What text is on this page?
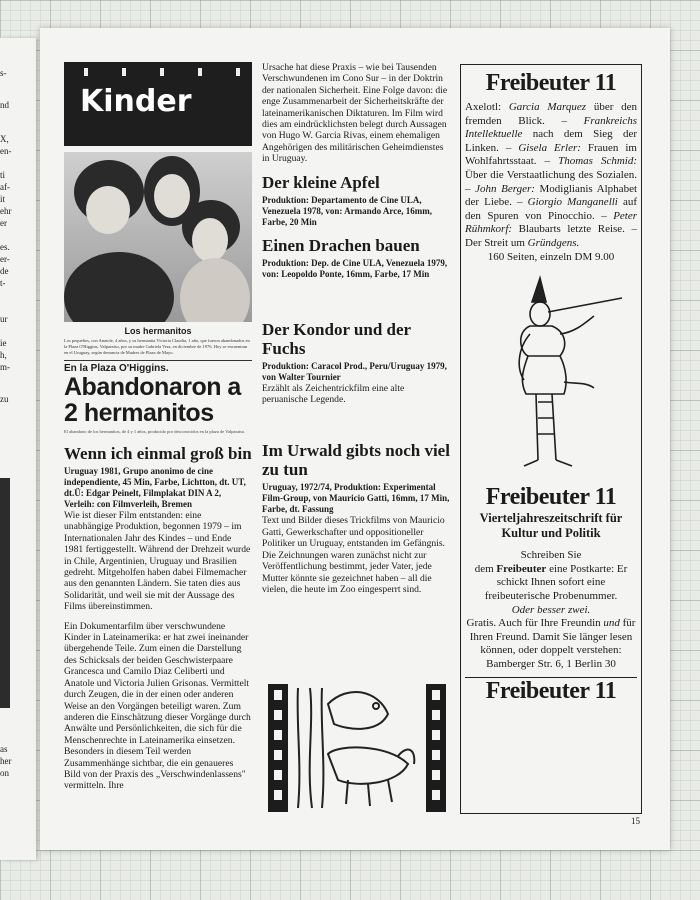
s-
nd
X,
en-
ti
af-
it
ehr
er
es.
er-
de
t-
ur
ie
h,
m-
zu
as
her
on
Kinder
Los hermanitos
Los pequeños, con Anatole, 4 años, y su hermanita Victoria Claudia, 1 año, que fueron abandonados en la Plaza O'Higgins, Valparaíso, por su madre Gabriela Vera, en diciembre de 1976. Hoy se encuentran en el Uruguay, según denuncia de Madres de Plaza de Mayo.
En la Plaza O'Higgins.
Abandonaron a
2 hermanitos
El abandono de los hermanitos, de 4 y 1 años, producido por desconocidos en la plaza de Valparaíso.
Wenn ich einmal groß bin
Uruguay 1981, Grupo anonimo de cine independiente, 45 Min, Farbe, Lichtton, dt. UT, dt.Ü: Edgar Peinelt, Filmplakat DIN A 2, Verleih: con Filmverleih, Bremen

Wie ist dieser Film entstanden: eine unabhängige Produktion, begonnen 1979 – im Internationalen Jahr des Kindes – und Ende 1981 fertiggestellt. Während der Drehzeit wurde in Chile, Argentinien, Uruguay und Brasilien gedreht. Mitgeholfen haben dabei Filmemacher aus den genannten Ländern. Sie taten dies aus Solidarität, und weil sie mit der Aussage des Films übereinstimmen.

Ein Dokumentarfilm über verschwundene Kinder in Lateinamerika: er hat zwei ineinander übergehende Teile. Zum einen die Darstellung des Schicksals der beiden Geschwisterpaare Grancesca und Camilo Diaz Celiberti und Anatole und Victoria Julien Grisonas. Vermittelt durch Zeugen, die in der einen oder anderen Weise an den Vorgängen beteiligt waren. Zum anderen die Einschätzung dieser Vorgänge durch Anwälte und Persönlichkeiten, die sich für die Menschenrechte in Lateinamerika einsetzen. Besonders in diesem Teil werden Zusammenhänge sichtbar, die ein genaueres Bild von der Praxis des „Verschwindenlassens" vermitteln. Ihre

Ursache hat diese Praxis – wie bei Tausenden Verschwundenen im Cono Sur – in der Doktrin der nationalen Sicherheit. Eine Folge davon: die enge Zusammenarbeit der Sicherheitskräfte der lateinamerikanischen Diktaturen. Im Film wird dies am eindrücklichsten belegt durch Aussagen von Hugo W. Garcia Rivas, einem ehemaligen Angehörigen des militärischen Geheimdienstes in Uruguay.
Der kleine Apfel
Produktion: Departamento de Cine ULA, Venezuela 1978, von: Armando Arce, 16mm, Farbe, 20 Min
Einen Drachen bauen
Produktion: Dep. de Cine ULA, Venezuela 1979, von: Leopoldo Ponte, 16mm, Farbe, 17 Min
Der Kondor und der Fuchs
Produktion: Caracol Prod., Peru/Uruguay 1979, von Walter Tournier
Erzählt als Zeichentrickfilm eine alte peruanische Legende.
Im Urwald gibts noch viel zu tun
Uruguay, 1972/74, Produktion: Experimental Film-Group, von Mauricio Gatti, 16mm, 17 Min, Farbe, dt. Fassung
Text und Bilder dieses Trickfilms von Mauricio Gatti, Gewerkschafter und oppositioneller Politiker un Uruguay, entstanden im Gefängnis. Die Zeichnungen waren zunächst nicht zur Veröffentlichung bestimmt, jeder Vater, jede Mutter könnte sie gezeichnet haben – all die vielen, die heute im Zoo eingesperrt sind.
Freibeuter 11
Axelotl: Garcia Marquez über den fremden Blick. – Frankreichs Intellektuelle nach dem Sieg der Linken. – Gisela Erler: Frauen im Wohlfahrtsstaat. – Thomas Schmid: Über die Verstaatlichung des Sozialen. – John Berger: Modiglianis Alphabet der Liebe. – Giorgio Manganelli auf den Spuren von Pinocchio. – Peter Rühmkorf: Blaubarts letzte Reise. – Der Streit um Gründgens.
160 Seiten, einzeln DM 9.00
Freibeuter 11
Vierteljahreszeitschrift für Kultur und Politik
Schreiben Sie
dem Freibeuter eine Postkarte: Er schickt Ihnen sofort eine freibeuterische Probenummer.
Oder besser zwei.
Gratis. Auch für Ihre Freundin und für Ihren Freund. Damit Sie länger lesen können, oder doppelt verstehen:
Bamberger Str. 6, 1 Berlin 30
Freibeuter 11
15
